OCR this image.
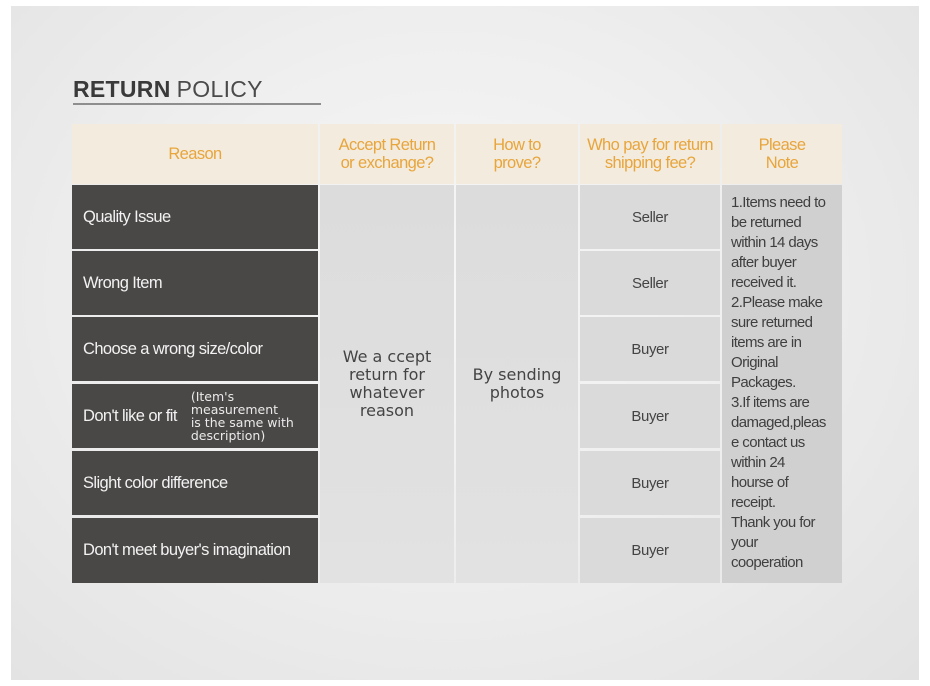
RETURN POLICY
Reason	Accept Return
or exchange?
How to
prove?
Who pay for return
shipping fee?
Please
Note
Quality Issue
Wrong Item
Choose a wrong size/color
Don't like or fit
(Item's
measurement
is the same with
description)
Slight color difference
Don't meet buyer's imagination
We a ccept
return for
whatever
reason
By sending
photos
Seller
Seller
Buyer
Buyer
Buyer
Buyer
1.Items need to
be returned
within 14 days
after buyer
received it.
2.Please make
sure returned
items are in
Original
Packages.
3.If items are
damaged,pleas
e contact us
within 24
hourse of
receipt.
Thank you for
your
cooperation
